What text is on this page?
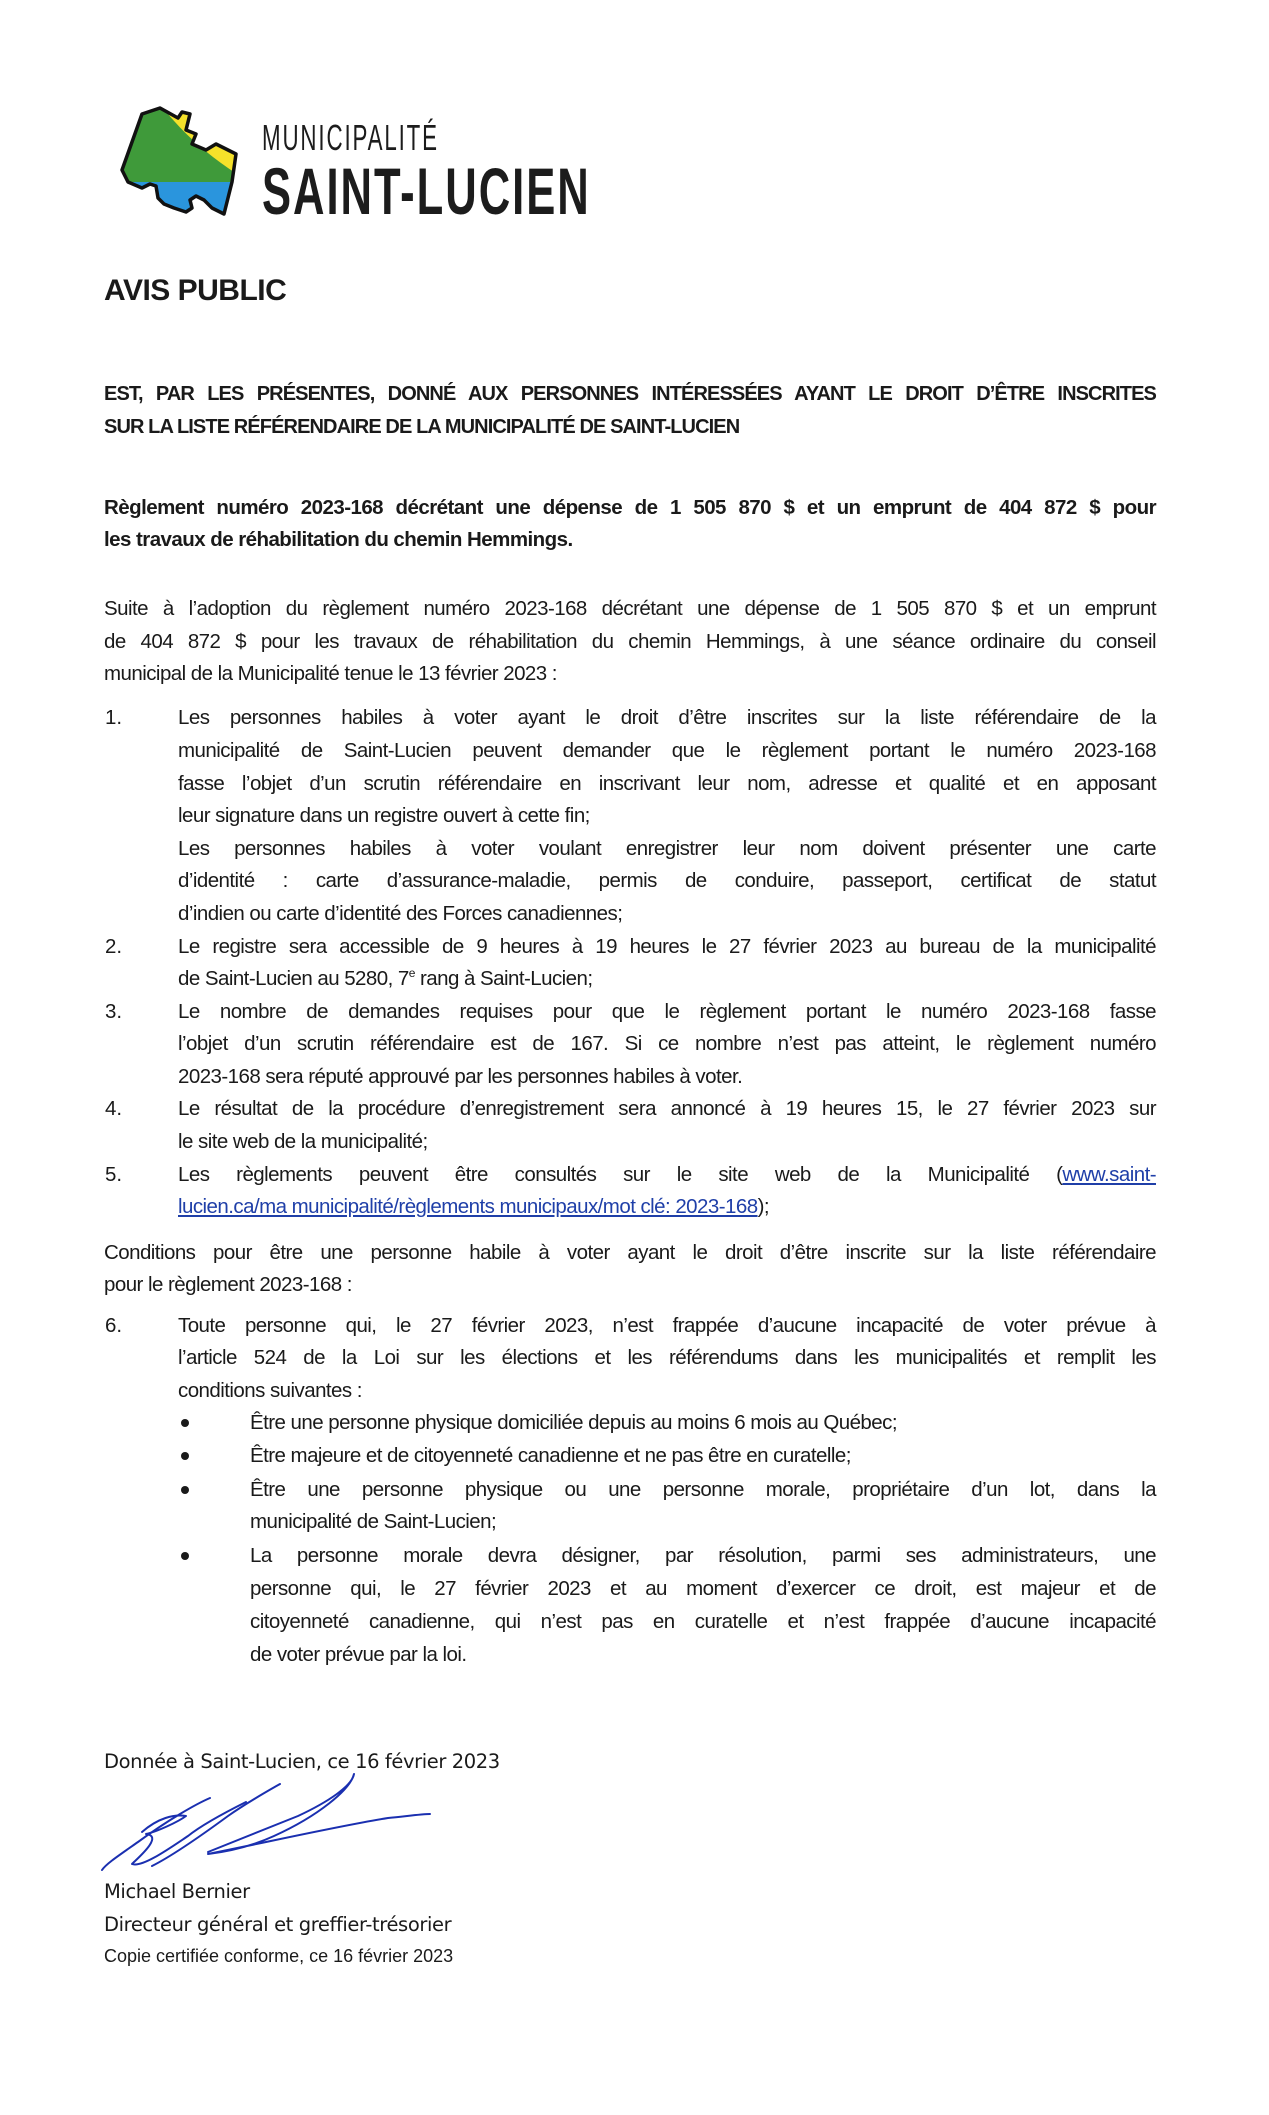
MUNICIPALITÉ
SAINT-LUCIEN
AVIS PUBLIC
EST, PAR LES PRÉSENTES, DONNÉ AUX PERSONNES INTÉRESSÉES AYANT LE DROIT D’ÊTRE INSCRITES
SUR LA LISTE RÉFÉRENDAIRE DE LA MUNICIPALITÉ DE SAINT-LUCIEN
Règlement numéro 2023-168 décrétant une dépense de 1 505 870 $ et un emprunt de 404 872 $ pour
les travaux de réhabilitation du chemin Hemmings.
Suite à l’adoption du règlement numéro 2023-168 décrétant une dépense de 1 505 870 $ et un emprunt
de 404 872 $ pour les travaux de réhabilitation du chemin Hemmings, à une séance ordinaire du conseil
municipal de la Municipalité tenue le 13 février 2023 :
1.	Les personnes habiles à voter ayant le droit d’être inscrites sur la liste référendaire de la
municipalité de Saint-Lucien peuvent demander que le règlement portant le numéro 2023-168
fasse l’objet d’un scrutin référendaire en inscrivant leur nom, adresse et qualité et en apposant
leur signature dans un registre ouvert à cette fin;
Les personnes habiles à voter voulant enregistrer leur nom doivent présenter une carte
d’identité : carte d’assurance-maladie, permis de conduire, passeport, certificat de statut
d’indien ou carte d’identité des Forces canadiennes;
2.	Le registre sera accessible de 9 heures à 19 heures le 27 février 2023 au bureau de la municipalité
de Saint-Lucien au 5280, 7e rang à Saint-Lucien;
3.	Le nombre de demandes requises pour que le règlement portant le numéro 2023-168 fasse
l’objet d’un scrutin référendaire est de 167. Si ce nombre n’est pas atteint, le règlement numéro
2023-168 sera réputé approuvé par les personnes habiles à voter.
4.	Le résultat de la procédure d’enregistrement sera annoncé à 19 heures 15, le 27 février 2023 sur
le site web de la municipalité;
5.	Les règlements peuvent être consultés sur le site web de la Municipalité (www.saint-
lucien.ca/ma municipalité/règlements municipaux/mot clé: 2023-168);
Conditions pour être une personne habile à voter ayant le droit d’être inscrite sur la liste référendaire
pour le règlement 2023-168 :
6.	Toute personne qui, le 27 février 2023, n’est frappée d’aucune incapacité de voter prévue à
l’article 524 de la Loi sur les élections et les référendums dans les municipalités et remplit les
conditions suivantes :
Être une personne physique domiciliée depuis au moins 6 mois au Québec;
Être majeure et de citoyenneté canadienne et ne pas être en curatelle;
Être une personne physique ou une personne morale, propriétaire d’un lot, dans la
municipalité de Saint-Lucien;
La personne morale devra désigner, par résolution, parmi ses administrateurs, une
personne qui, le 27 février 2023 et au moment d’exercer ce droit, est majeur et de
citoyenneté canadienne, qui n’est pas en curatelle et n’est frappée d’aucune incapacité
de voter prévue par la loi.
Donnée à Saint-Lucien, ce 16 février 2023
Michael Bernier
Directeur général et greffier-trésorier
Copie certifiée conforme, ce 16 février 2023
